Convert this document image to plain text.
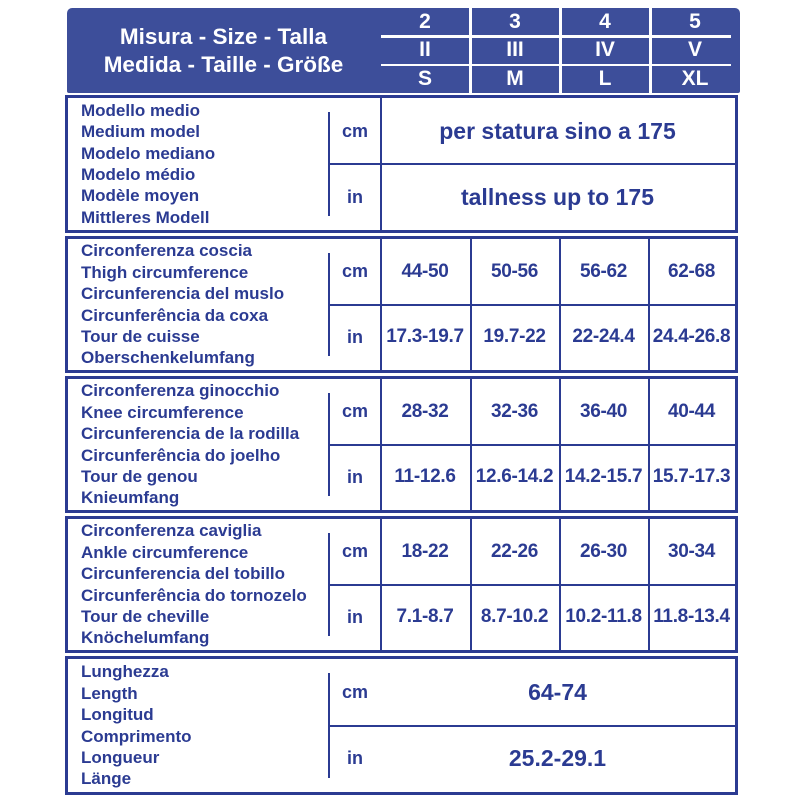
Misura - Size - Talla
Medida - Taille - Größe
2	3	4	5
II	III	IV	V
S	M	L	XL
Modello medio
Medium model
Modelo mediano
Modelo médio
Modèle moyen
Mittleres Modell
cm
in
per statura sino a 175
tallness up to 175
Circonferenza coscia
Thigh circumference
Circunferencia del muslo
Circunferência da coxa
Tour de cuisse
Oberschenkelumfang
cm
in
44-50	50-56	56-62	62-68
17.3-19.7	19.7-22	22-24.4 24.4-26.8
Circonferenza ginocchio
Knee circumference
Circunferencia de la rodilla
Circunferência do joelho
Tour de genou
Knieumfang
cm
in
28-32	32-36	36-40	40-44
11-12.6	12.6-14.2 14.2-15.7 15.7-17.3
Circonferenza caviglia
Ankle circumference
Circunferencia del tobillo
Circunferência do tornozelo
Tour de cheville
Knöchelumfang
cm
in
18-22	22-26	26-30	30-34
7.1-8.7	8.7-10.2 10.2-11.8 11.8-13.4
Lunghezza
Length
Longitud
Comprimento
Longueur
Länge
cm
in
64-74
25.2-29.1
